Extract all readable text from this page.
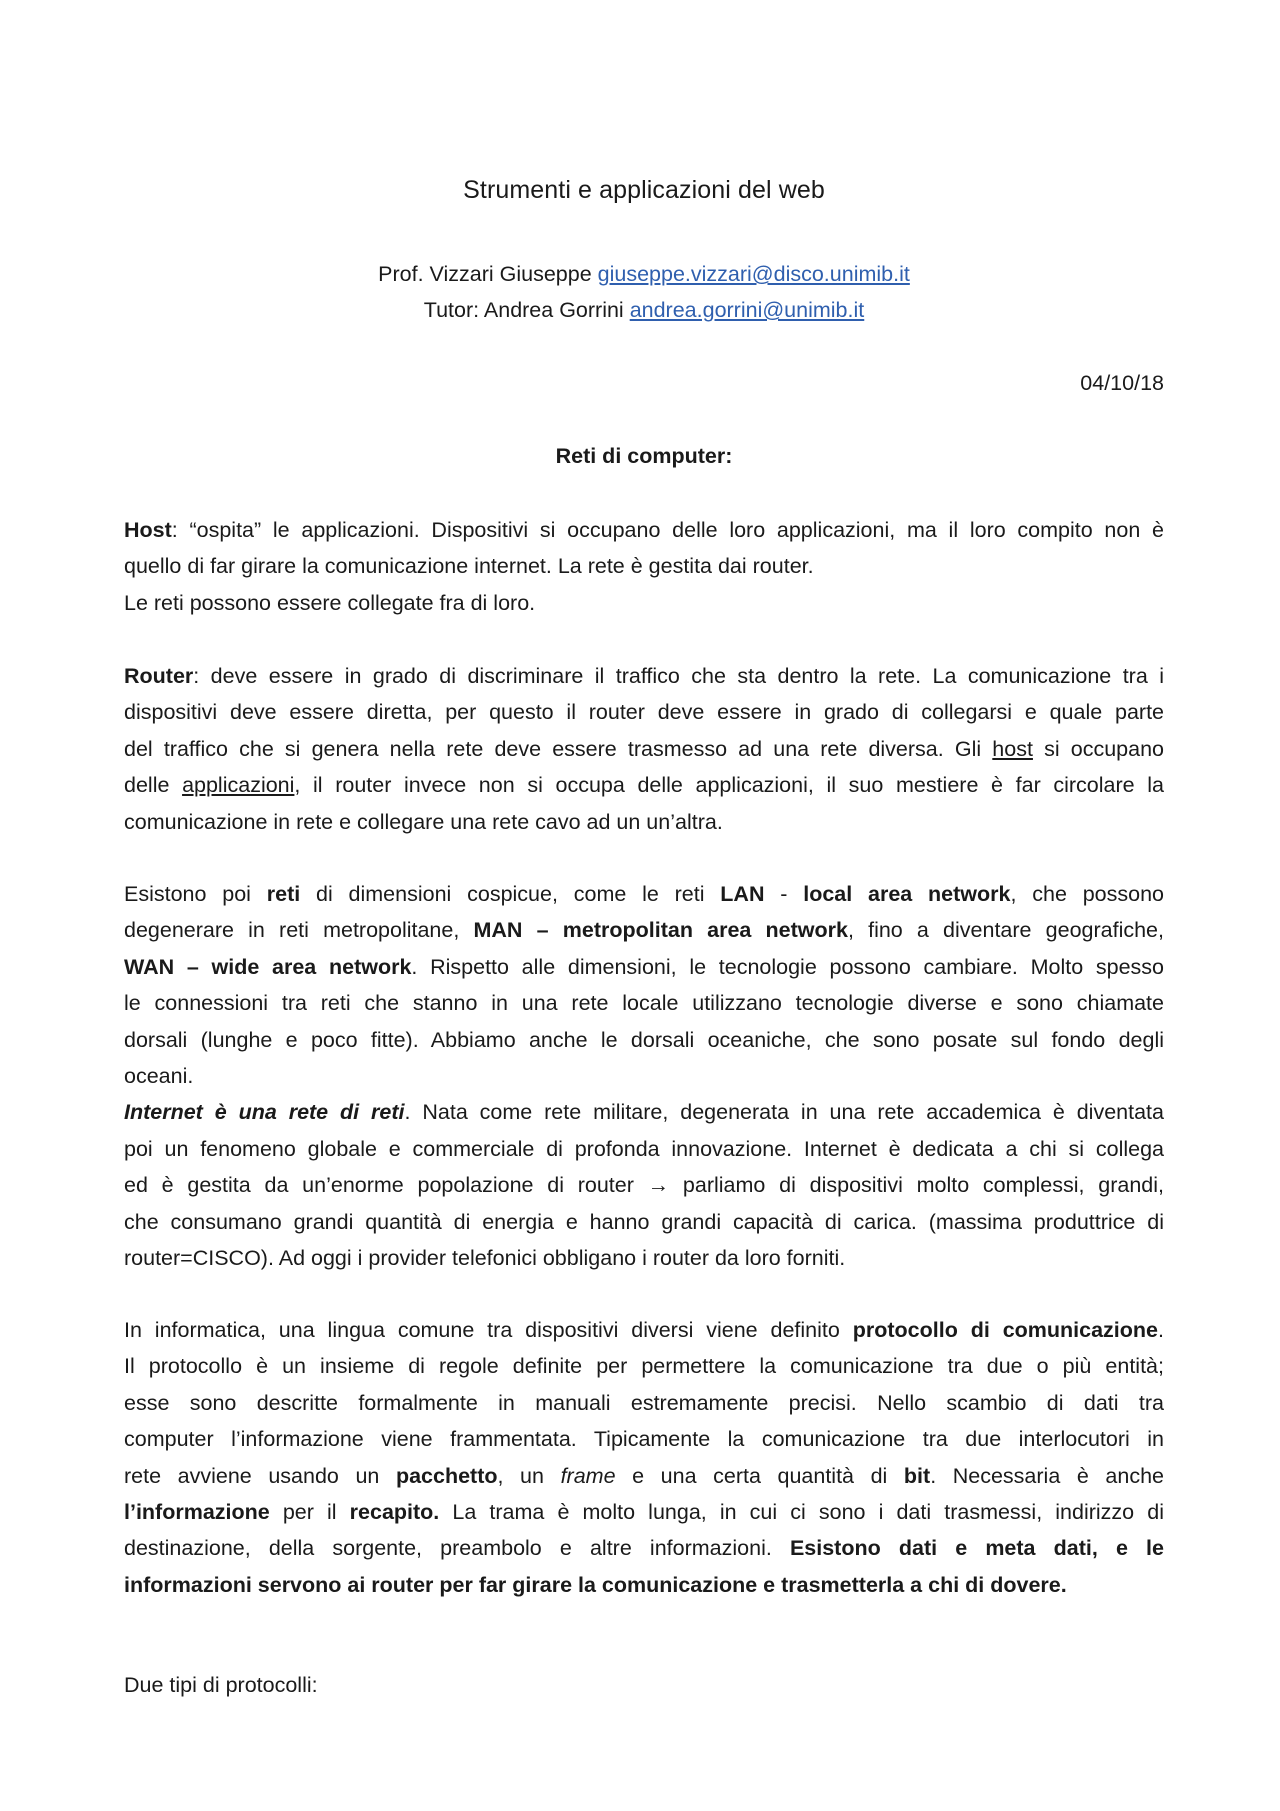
Strumenti e applicazioni del web
Prof. Vizzari Giuseppe giuseppe.vizzari@disco.unimib.it
Tutor: Andrea Gorrini andrea.gorrini@unimib.it
04/10/18
Reti di computer:
Host: “ospita” le applicazioni. Dispositivi si occupano delle loro applicazioni, ma il loro compito non è
quello di far girare la comunicazione internet. La rete è gestita dai router.
Le reti possono essere collegate fra di loro.
Router: deve essere in grado di discriminare il traffico che sta dentro la rete. La comunicazione tra i
dispositivi deve essere diretta, per questo il router deve essere in grado di collegarsi e quale parte
del traffico che si genera nella rete deve essere trasmesso ad una rete diversa. Gli host si occupano
delle applicazioni, il router invece non si occupa delle applicazioni, il suo mestiere è far circolare la
comunicazione in rete e collegare una rete cavo ad un un’altra.
Esistono poi reti di dimensioni cospicue, come le reti LAN - local area network, che possono
degenerare in reti metropolitane, MAN – metropolitan area network, fino a diventare geografiche,
WAN – wide area network. Rispetto alle dimensioni, le tecnologie possono cambiare. Molto spesso
le connessioni tra reti che stanno in una rete locale utilizzano tecnologie diverse e sono chiamate
dorsali (lunghe e poco fitte). Abbiamo anche le dorsali oceaniche, che sono posate sul fondo degli
oceani.
Internet è una rete di reti. Nata come rete militare, degenerata in una rete accademica è diventata
poi un fenomeno globale e commerciale di profonda innovazione. Internet è dedicata a chi si collega
ed è gestita da un’enorme popolazione di router → parliamo di dispositivi molto complessi, grandi,
che consumano grandi quantità di energia e hanno grandi capacità di carica. (massima produttrice di
router=CISCO). Ad oggi i provider telefonici obbligano i router da loro forniti.
In informatica, una lingua comune tra dispositivi diversi viene definito protocollo di comunicazione.
Il protocollo è un insieme di regole definite per permettere la comunicazione tra due o più entità;
esse sono descritte formalmente in manuali estremamente precisi. Nello scambio di dati tra
computer l’informazione viene frammentata. Tipicamente la comunicazione tra due interlocutori in
rete avviene usando un pacchetto, un frame e una certa quantità di bit. Necessaria è anche
l’informazione per il recapito. La trama è molto lunga, in cui ci sono i dati trasmessi, indirizzo di
destinazione, della sorgente, preambolo e altre informazioni. Esistono dati e meta dati, e le
informazioni servono ai router per far girare la comunicazione e trasmetterla a chi di dovere.
Due tipi di protocolli:
